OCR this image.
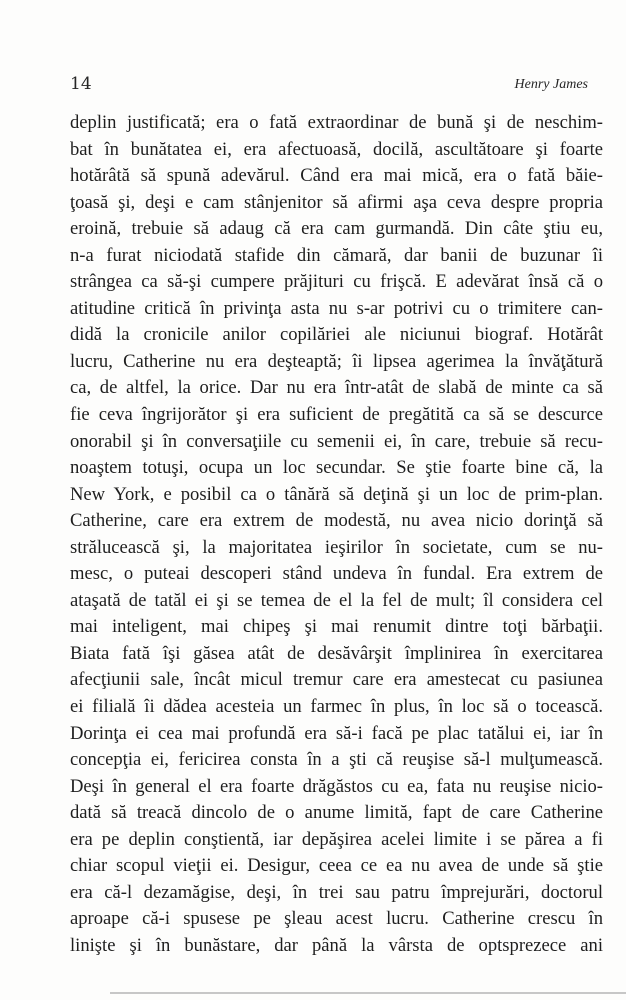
14	Henry James
deplin justificată; era o fată extraordinar de bună şi de neschim-
bat în bunătatea ei, era afectuoasă, docilă, ascultătoare şi foarte
hotărâtă să spună adevărul. Când era mai mică, era o fată băie-
ţoasă şi, deşi e cam stânjenitor să afirmi aşa ceva despre propria
eroină, trebuie să adaug că era cam gurmandă. Din câte ştiu eu,
n-a furat niciodată stafide din cămară, dar banii de buzunar îi
strângea ca să-şi cumpere prăjituri cu frişcă. E adevărat însă că o
atitudine critică în privinţa asta nu s-ar potrivi cu o trimitere can-
didă la cronicile anilor copilăriei ale niciunui biograf. Hotărât
lucru, Catherine nu era deşteaptă; îi lipsea agerimea la învăţătură
ca, de altfel, la orice. Dar nu era într-atât de slabă de minte ca să
fie ceva îngrijorător şi era suficient de pregătită ca să se descurce
onorabil şi în conversaţiile cu semenii ei, în care, trebuie să recu-
noaştem totuşi, ocupa un loc secundar. Se ştie foarte bine că, la
New York, e posibil ca o tânără să deţină şi un loc de prim-plan.
Catherine, care era extrem de modestă, nu avea nicio dorinţă să
strălucească şi, la majoritatea ieşirilor în societate, cum se nu-
mesc, o puteai descoperi stând undeva în fundal. Era extrem de
ataşată de tatăl ei şi se temea de el la fel de mult; îl considera cel
mai inteligent, mai chipeş şi mai renumit dintre toţi bărbaţii.
Biata fată îşi găsea atât de desăvârşit împlinirea în exercitarea
afecţiunii sale, încât micul tremur care era amestecat cu pasiunea
ei filială îi dădea acesteia un farmec în plus, în loc să o tocească.
Dorinţa ei cea mai profundă era să-i facă pe plac tatălui ei, iar în
concepţia ei, fericirea consta în a şti că reuşise să-l mulţumească.
Deşi în general el era foarte drăgăstos cu ea, fata nu reuşise nicio-
dată să treacă dincolo de o anume limită, fapt de care Catherine
era pe deplin conştientă, iar depăşirea acelei limite i se părea a fi
chiar scopul vieţii ei. Desigur, ceea ce ea nu avea de unde să ştie
era că-l dezamăgise, deşi, în trei sau patru împrejurări, doctorul
aproape că-i spusese pe şleau acest lucru. Catherine crescu în
linişte şi în bunăstare, dar până la vârsta de optsprezece ani
